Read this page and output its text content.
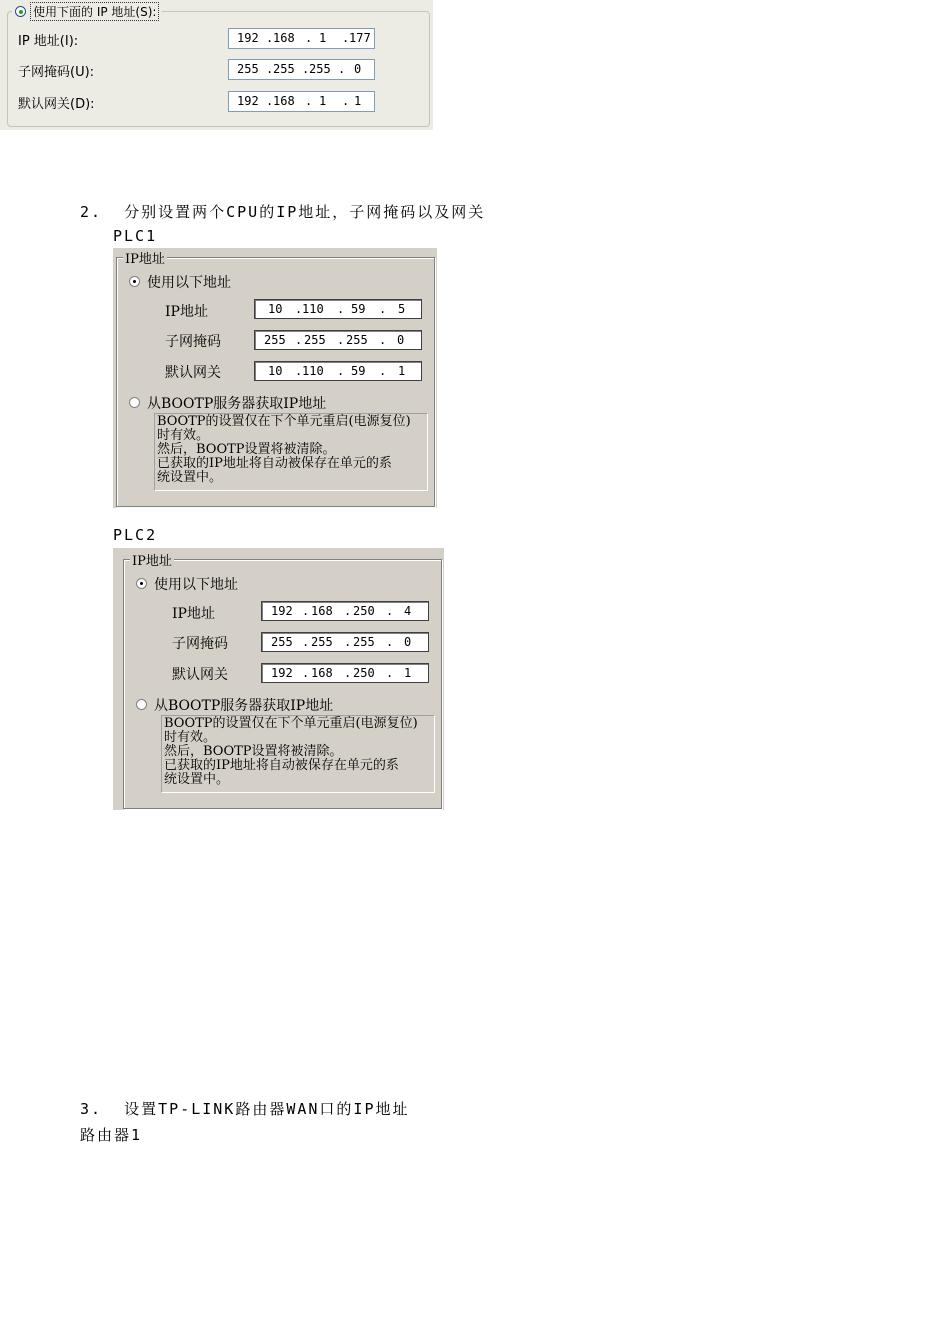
使用下面的 IP 地址(S):
IP 地址(I):	192 . 168 . 1 . 177
子网掩码(U):	255 . 255 . 255 . 0
默认网关(D):	192 . 168 . 1 . 1
2.  分别设置两个CPU的IP地址，子网掩码以及网关
PLC1
IP地址
使用以下地址
IP地址	10 . 110 . 59 . 5
子网掩码	255 . 255 . 255 . 0
默认网关	10 . 110 . 59 . 1
从BOOTP服务器获取IP地址
BOOTP的设置仅在下个单元重启(电源复位)
时有效。
然后，BOOTP设置将被清除。
已获取的IP地址将自动被保存在单元的系
统设置中。
PLC2
IP地址
使用以下地址
IP地址	192 . 168 . 250 . 4
子网掩码	255 . 255 . 255 . 0
默认网关	192 . 168 . 250 . 1
从BOOTP服务器获取IP地址
BOOTP的设置仅在下个单元重启(电源复位)
时有效。
然后，BOOTP设置将被清除。
已获取的IP地址将自动被保存在单元的系
统设置中。
3.  设置TP-LINK路由器WAN口的IP地址
路由器1
